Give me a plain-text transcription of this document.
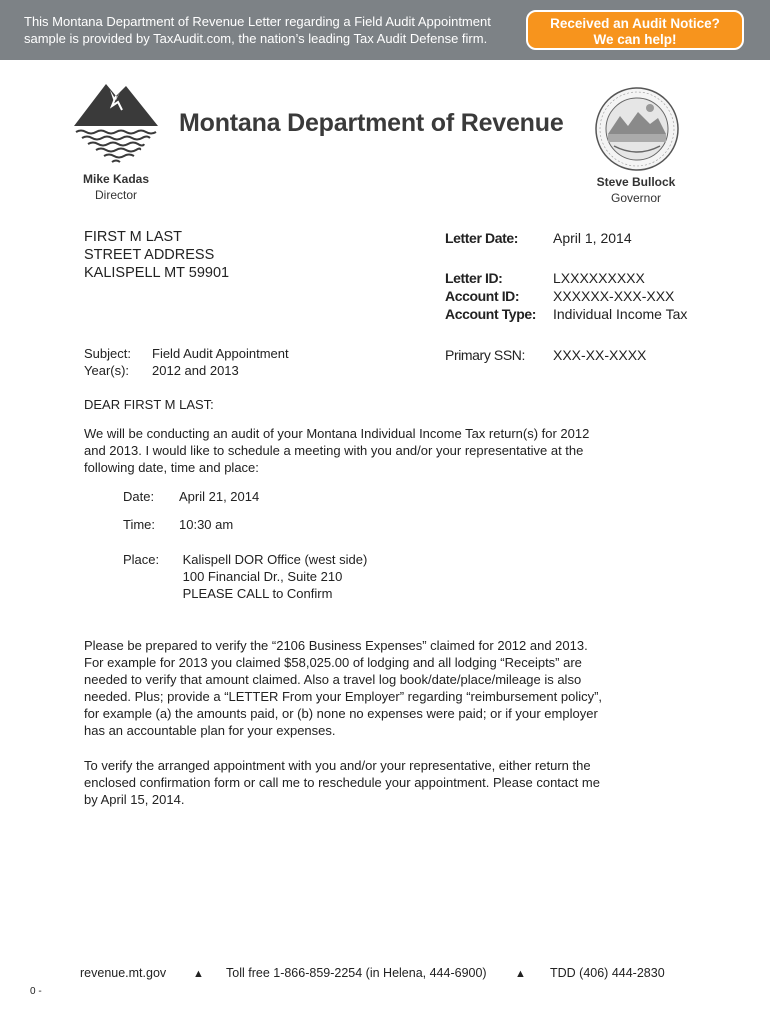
This Montana Department of Revenue Letter regarding a Field Audit Appointment
sample is provided by TaxAudit.com, the nation’s leading Tax Audit Defense firm.
Received an Audit Notice?
We can help!
Montana Department of Revenue
Mike Kadas
Director
Steve Bullock
Governor
FIRST M LAST
STREET ADDRESS
KALISPELL MT 59901
Letter Date:	April 1, 2014
Letter ID:	LXXXXXXXXX
Account ID: XXXXXX-XXX-XXX
Account Type: Individual Income Tax
Primary SSN: XXX-XX-XXXX
Subject: Field Audit Appointment
Year(s): 2012 and 2013
DEAR FIRST M LAST:

We will be conducting an audit of your Montana Individual Income Tax return(s) for 2012

and 2013. I would like to schedule a meeting with you and/or your representative at the

following date, time and place:

Date: April 21, 2014
Time: 10:30 am
Place: Kalispell DOR Office (west side)
100 Financial Dr., Suite 210
PLEASE CALL to Confirm

Please be prepared to verify the “2106 Business Expenses” claimed for 2012 and 2013.

For example for 2013 you claimed $58,025.00 of lodging and all lodging “Receipts” are

needed to verify that amount claimed. Also a travel log book/date/place/mileage is also

needed. Plus; provide a “LETTER From your Employer” regarding “reimbursement policy”,

for example (a) the amounts paid, or (b) none no expenses were paid; or if your employer

has an accountable plan for your expenses.

To verify the arranged appointment with you and/or your representative, either return the

enclosed confirmation form or call me to reschedule your appointment. Please contact me

by April 15, 2014.

revenue.mt.gov ▲ Toll free 1-866-859-2254 (in Helena, 444-6900)	▲ TDD (406) 444-2830
0 -
